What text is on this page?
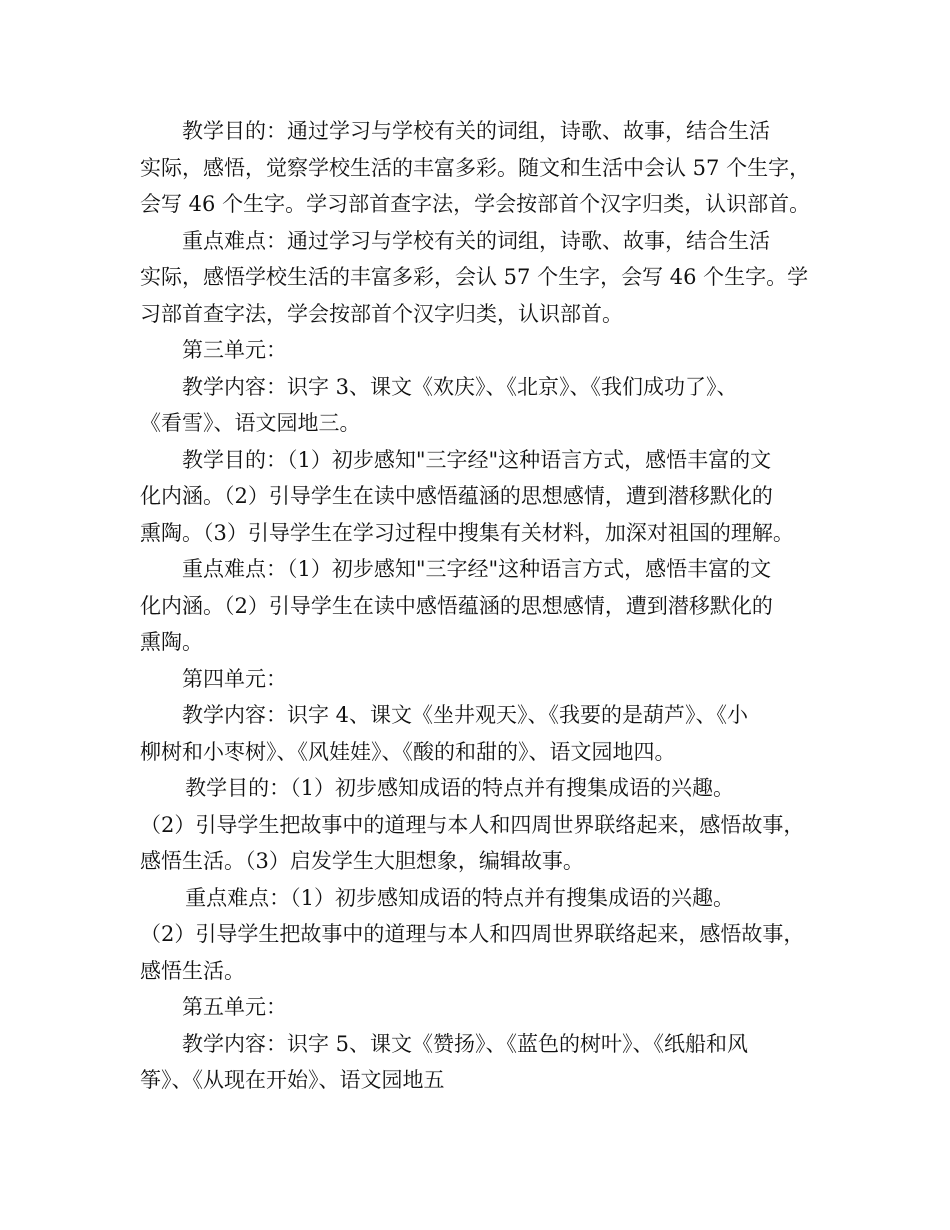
教学目的：通过学习与学校有关的词组，诗歌、故事，结合生活
实际，感悟，觉察学校生活的丰富多彩。随文和生活中会认 57 个生字，
会写 46 个生字。学习部首查字法，学会按部首个汉字归类，认识部首。

重点难点：通过学习与学校有关的词组，诗歌、故事，结合生活
实际，感悟学校生活的丰富多彩，会认 57 个生字，会写 46 个生字。学
习部首查字法，学会按部首个汉字归类，认识部首。

第三单元：

教学内容：识字 3、课文《欢庆》、《北京》、《我们成功了》、
《看雪》、语文园地三。

教学目的：（1）初步感知"三字经"这种语言方式，感悟丰富的文
化内涵。（2）引导学生在读中感悟蕴涵的思想感情，遭到潜移默化的
熏陶。（3）引导学生在学习过程中搜集有关材料，加深对祖国的理解。

重点难点：（1）初步感知"三字经"这种语言方式，感悟丰富的文
化内涵。（2）引导学生在读中感悟蕴涵的思想感情，遭到潜移默化的
熏陶。

第四单元：

教学内容：识字 4、课文《坐井观天》、《我要的是葫芦》、《小
柳树和小枣树》、《风娃娃》、《酸的和甜的》、语文园地四。

教学目的：（1）初步感知成语的特点并有搜集成语的兴趣。
（2）引导学生把故事中的道理与本人和四周世界联络起来，感悟故事，
感悟生活。（3）启发学生大胆想象，编辑故事。

重点难点：（1）初步感知成语的特点并有搜集成语的兴趣。
（2）引导学生把故事中的道理与本人和四周世界联络起来，感悟故事，
感悟生活。

第五单元：

教学内容：识字 5、课文《赞扬》、《蓝色的树叶》、《纸船和风
筝》、《从现在开始》、语文园地五
